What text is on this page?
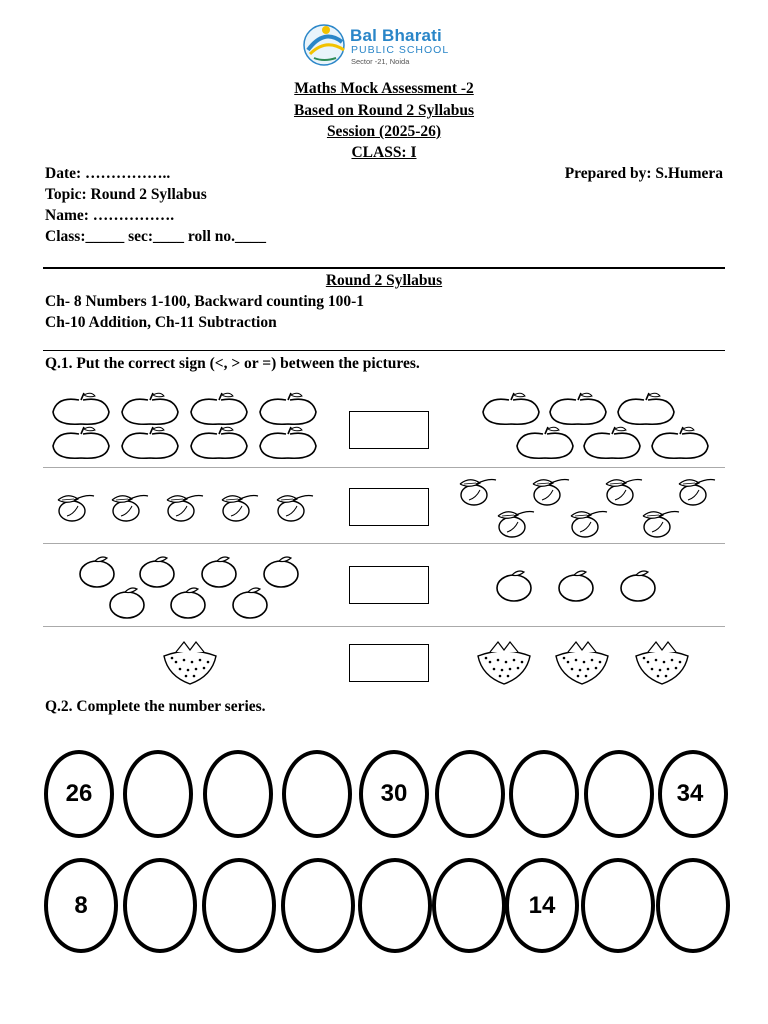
Bal Bharati
PUBLIC SCHOOL
Sector -21, Noida
Maths Mock Assessment -2
Based on Round 2 Syllabus
Session (2025-26)
CLASS: I
Date: ……………..	Prepared by: S.Humera
Topic: Round 2 Syllabus
Name: …………….
Class:_____ sec:____ roll no.____
Round 2 Syllabus
Ch- 8 Numbers 1-100, Backward counting 100-1
Ch-10 Addition, Ch-11 Subtraction
Q.1. Put the correct sign (<, > or =) between the pictures.
Q.2. Complete the number series.
26	30	34
8	14
